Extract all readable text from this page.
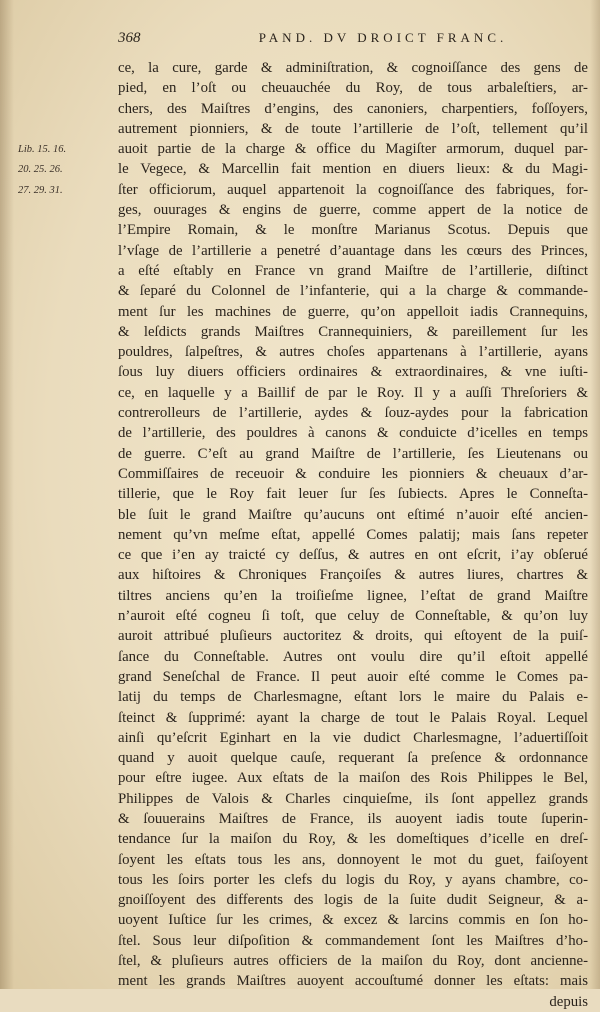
368	PAND. DV DROICT FRANC.
Lib. 15. 16.
20. 25. 26.
27. 29. 31.
ce, la cure, garde & adminiſtration, & cognoiſſance des gens de
pied, en l’oſt ou cheuauchée du Roy, de tous arbaleſtiers, ar-
chers, des Maiſtres d’engins, des canoniers, charpentiers, foſſoyers,
autrement pionniers, & de toute l’artillerie de l’oſt, tellement qu’il
auoit partie de la charge & office du Magiſter armorum, duquel par-
le Vegece, & Marcellin fait mention en diuers lieux: & du Magi-
ſter officiorum, auquel appartenoit la cognoiſſance des fabriques, for-
ges, ouurages & engins de guerre, comme appert de la notice de
l’Empire Romain, & le monſtre Marianus Scotus. Depuis que
l’vſage de l’artillerie a penetré d’auantage dans les cœurs des Princes,
a eſté eſtably en France vn grand Maiſtre de l’artillerie, diſtinct
& ſeparé du Colonnel de l’infanterie, qui a la charge & commande-
ment ſur les machines de guerre, qu’on appelloit iadis Crannequins,
& leſdicts grands Maiſtres Crannequiniers, & pareillement ſur les
pouldres, ſalpeſtres, & autres choſes appartenans à l’artillerie, ayans
ſous luy diuers officiers ordinaires & extraordinaires, & vne iuſti-
ce, en laquelle y a Baillif de par le Roy. Il y a auſſi Threſoriers &
contrerolleurs de l’artillerie, aydes & ſouz-aydes pour la fabrication
de l’artillerie, des pouldres à canons & conduicte d’icelles en temps
de guerre. C’eſt au grand Maiſtre de l’artillerie, ſes Lieutenans ou
Commiſſaires de receuoir & conduire les pionniers & cheuaux d’ar-
tillerie, que le Roy fait leuer ſur ſes ſubiects. Apres le Conneſta-
ble ſuit le grand Maiſtre qu’aucuns ont eſtimé n’auoir eſté ancien-
nement qu’vn meſme eſtat, appellé Comes palatij; mais ſans repeter
ce que i’en ay traicté cy deſſus, & autres en ont eſcrit, i’ay obſerué
aux hiſtoires & Chroniques Françoiſes & autres liures, chartres &
tiltres anciens qu’en la troiſieſme lignee, l’eſtat de grand Maiſtre
n’auroit eſté cogneu ſi toſt, que celuy de Conneſtable, & qu’on luy
auroit attribué pluſieurs auctoritez & droits, qui eſtoyent de la puiſ-
ſance du Conneſtable. Autres ont voulu dire qu’il eſtoit appellé
grand Seneſchal de France. Il peut auoir eſté comme le Comes pa-
latij du temps de Charlesmagne, eſtant lors le maire du Palais e-
ſteinct & ſupprimé: ayant la charge de tout le Palais Royal. Lequel
ainſi qu’eſcrit Eginhart en la vie dudict Charlesmagne, l’aduertiſſoit
quand y auoit quelque cauſe, requerant ſa preſence & ordonnance
pour eſtre iugee. Aux eſtats de la maiſon des Rois Philippes le Bel,
Philippes de Valois & Charles cinquieſme, ils ſont appellez grands
& ſouuerains Maiſtres de France, ils auoyent iadis toute ſuperin-
tendance ſur la maiſon du Roy, & les domeſtiques d’icelle en dreſ-
ſoyent les eſtats tous les ans, donnoyent le mot du guet, faiſoyent
tous les ſoirs porter les clefs du logis du Roy, y ayans chambre, co-
gnoiſſoyent des differents des logis de la ſuite dudit Seigneur, & a-
uoyent Iuſtice ſur les crimes, & excez & larcins commis en ſon ho-
ſtel. Sous leur diſpoſition & commandement ſont les Maiſtres d’ho-
ſtel, & pluſieurs autres officiers de la maiſon du Roy, dont ancienne-
ment les grands Maiſtres auoyent accouſtumé donner les eſtats: mais
depuis
